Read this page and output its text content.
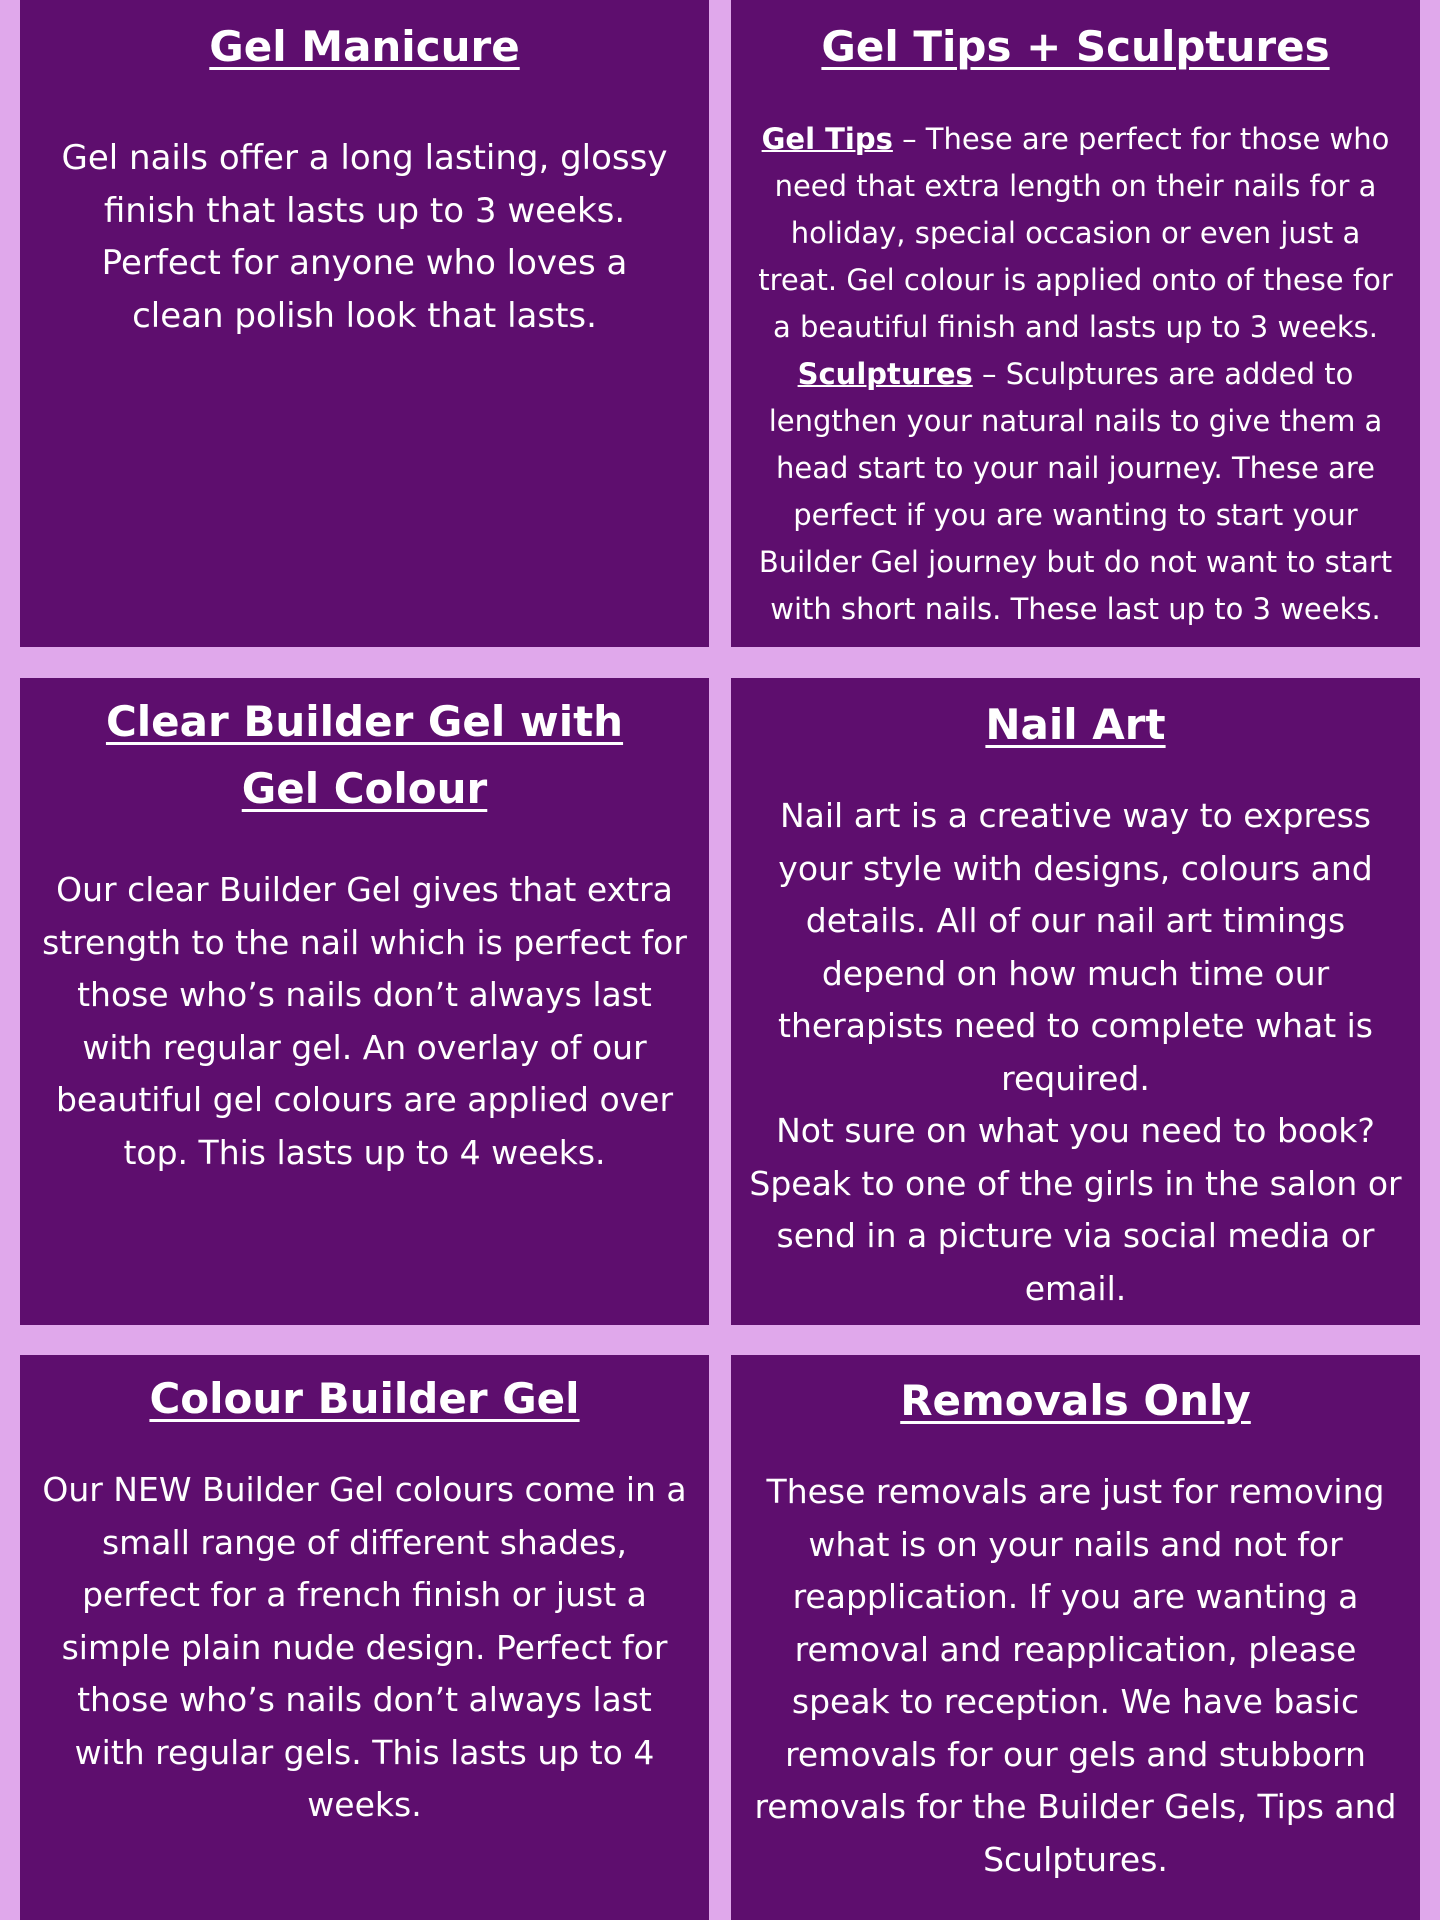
Gel Manicure

Gel nails offer a long lasting, glossy finish that lasts up to 3 weeks. Perfect for anyone who loves a clean polish look that lasts.

Gel Tips + Sculptures

Gel Tips – These are perfect for those who need that extra length on their nails for a holiday, special occasion or even just a treat. Gel colour is applied onto of these for a beautiful finish and lasts up to 3 weeks.
Sculptures – Sculptures are added to lengthen your natural nails to give them a head start to your nail journey. These are perfect if you are wanting to start your Builder Gel journey but do not want to start with short nails. These last up to 3 weeks.

Clear Builder Gel with Gel Colour

Our clear Builder Gel gives that extra strength to the nail which is perfect for those who’s nails don’t always last with regular gel. An overlay of our beautiful gel colours are applied over top. This lasts up to 4 weeks.

Nail Art

Nail art is a creative way to express your style with designs, colours and details. All of our nail art timings depend on how much time our therapists need to complete what is required.
Not sure on what you need to book? Speak to one of the girls in the salon or send in a picture via social media or email.

Colour Builder Gel

Our NEW Builder Gel colours come in a small range of different shades, perfect for a french finish or just a simple plain nude design. Perfect for those who’s nails don’t always last with regular gels. This lasts up to 4 weeks.

Removals Only

These removals are just for removing what is on your nails and not for reapplication. If you are wanting a removal and reapplication, please speak to reception. We have basic removals for our gels and stubborn removals for the Builder Gels, Tips and Sculptures.
